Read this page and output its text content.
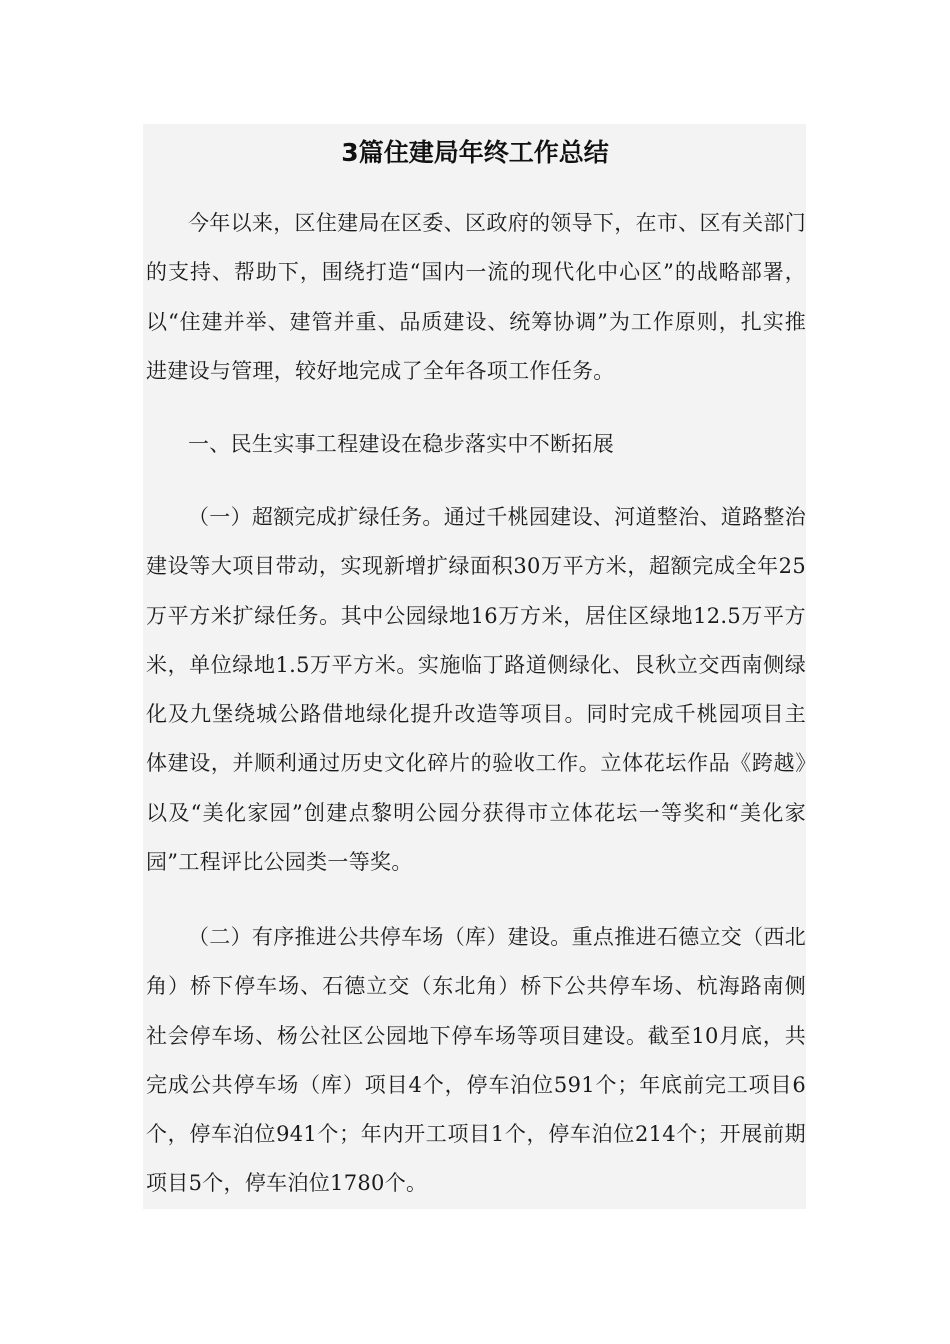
3篇住建局年终工作总结

今年以来，区住建局在区委、区政府的领导下，在市、区有关部门的支持、帮助下，围绕打造“国内一流的现代化中心区”的战略部署，以“住建并举、建管并重、品质建设、统筹协调”为工作原则，扎实推进建设与管理，较好地完成了全年各项工作任务。

一、民生实事工程建设在稳步落实中不断拓展

（一）超额完成扩绿任务。通过千桃园建设、河道整治、道路整治建设等大项目带动，实现新增扩绿面积30万平方米，超额完成全年25万平方米扩绿任务。其中公园绿地16万方米，居住区绿地12.5万平方米，单位绿地1.5万平方米。实施临丁路道侧绿化、艮秋立交西南侧绿化及九堡绕城公路借地绿化提升改造等项目。同时完成千桃园项目主体建设，并顺利通过历史文化碎片的验收工作。立体花坛作品《跨越》以及“美化家园”创建点黎明公园分获得市立体花坛一等奖和“美化家园”工程评比公园类一等奖。

（二）有序推进公共停车场（库）建设。重点推进石德立交（西北角）桥下停车场、石德立交（东北角）桥下公共停车场、杭海路南侧社会停车场、杨公社区公园地下停车场等项目建设。截至10月底，共完成公共停车场（库）项目4个，停车泊位591个；年底前完工项目6个，停车泊位941个；年内开工项目1个，停车泊位214个；开展前期项目5个，停车泊位1780个。
